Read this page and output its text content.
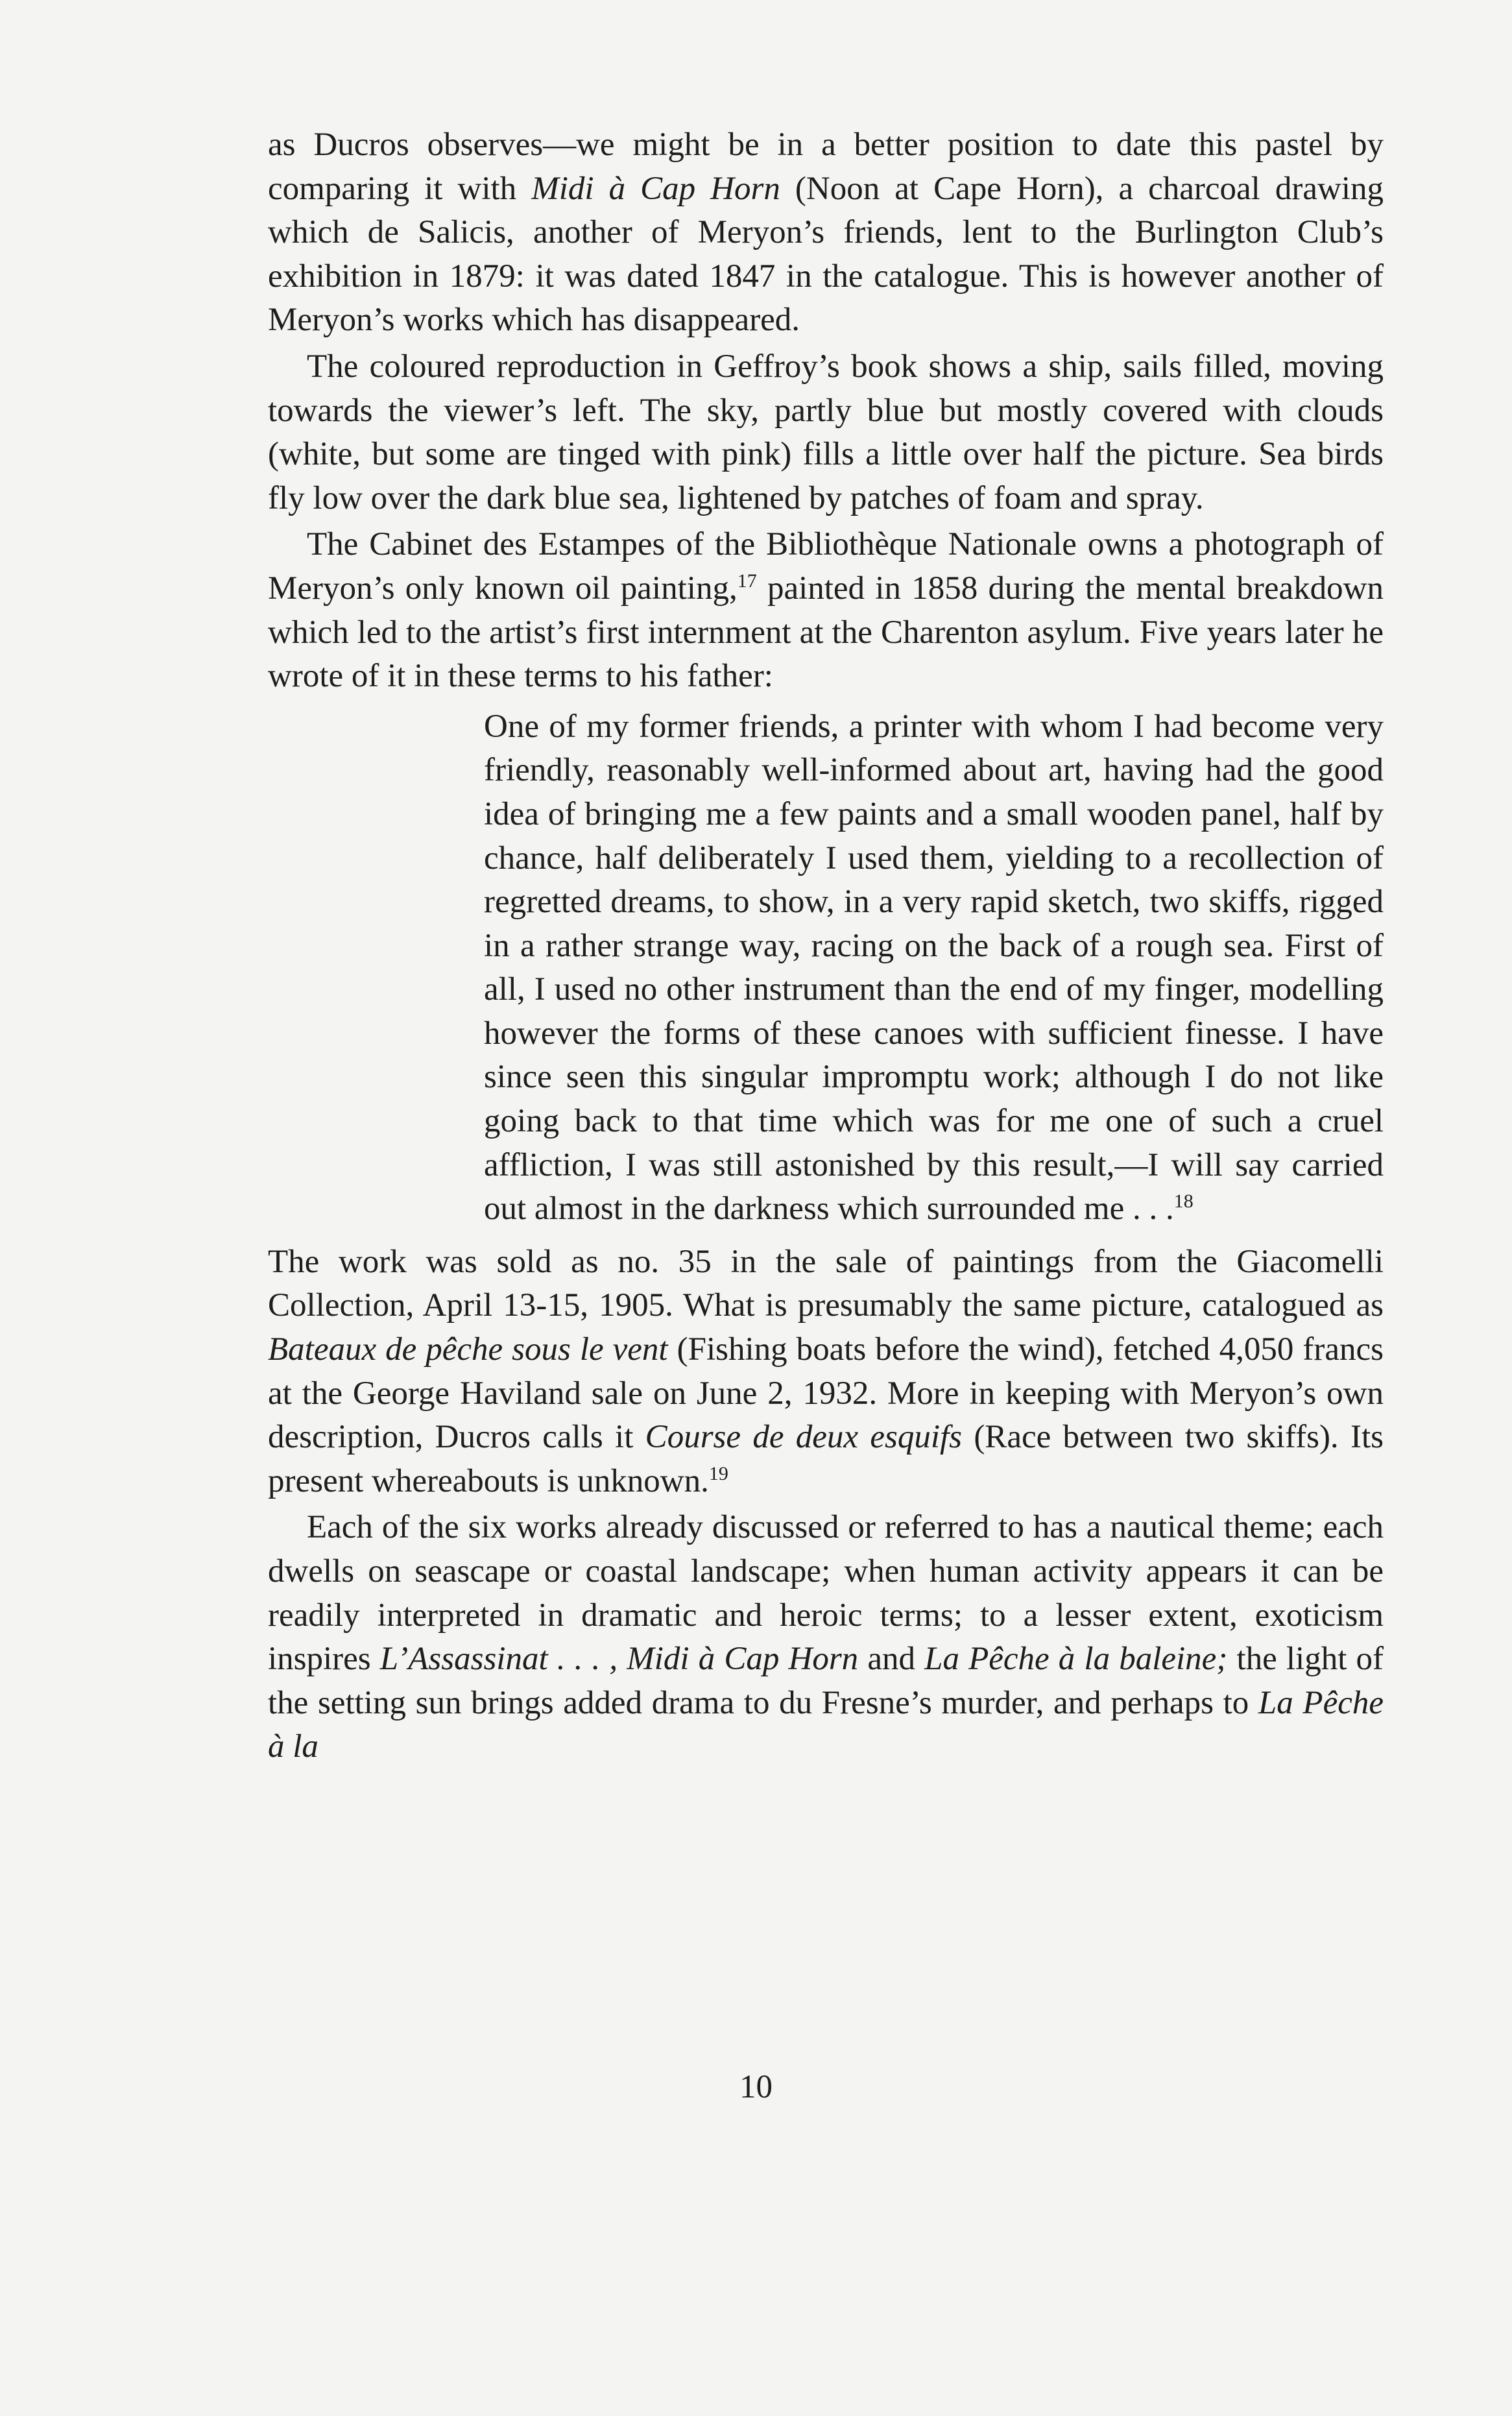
as Ducros observes—we might be in a better position to date this pastel by comparing it with Midi à Cap Horn (Noon at Cape Horn), a charcoal drawing which de Salicis, another of Meryon’s friends, lent to the Burlington Club’s exhibition in 1879: it was dated 1847 in the catalogue. This is however another of Meryon’s works which has disappeared.

The coloured reproduction in Geffroy’s book shows a ship, sails filled, moving towards the viewer’s left. The sky, partly blue but mostly covered with clouds (white, but some are tinged with pink) fills a little over half the picture. Sea birds fly low over the dark blue sea, lightened by patches of foam and spray.

The Cabinet des Estampes of the Bibliothèque Nationale owns a photograph of Meryon’s only known oil painting,$^{17}$ painted in 1858 during the mental breakdown which led to the artist’s first internment at the Charenton asylum. Five years later he wrote of it in these terms to his father:

One of my former friends, a printer with whom I had become very friendly, reasonably well-informed about art, having had the good idea of bringing me a few paints and a small wooden panel, half by chance, half deliberately I used them, yielding to a recollection of regretted dreams, to show, in a very rapid sketch, two skiffs, rigged in a rather strange way, racing on the back of a rough sea. First of all, I used no other instrument than the end of my finger, modelling however the forms of these canoes with sufficient finesse. I have since seen this singular impromptu work; although I do not like going back to that time which was for me one of such a cruel affliction, I was still astonished by this result,—I will say carried out almost in the darkness which surrounded me . . .$^{18}$

The work was sold as no. 35 in the sale of paintings from the Giacomelli Collection, April 13-15, 1905. What is presumably the same picture, catalogued as Bateaux de pêche sous le vent (Fishing boats before the wind), fetched 4,050 francs at the George Haviland sale on June 2, 1932. More in keeping with Meryon’s own description, Ducros calls it Course de deux esquifs (Race between two skiffs). Its present whereabouts is unknown.$^{19}$

Each of the six works already discussed or referred to has a nautical theme; each dwells on seascape or coastal landscape; when human activity appears it can be readily interpreted in dramatic and heroic terms; to a lesser extent, exoticism inspires L’Assassinat . . . , Midi à Cap Horn and La Pêche à la baleine; the light of the setting sun brings added drama to du Fresne’s murder, and perhaps to La Pêche à la

10
